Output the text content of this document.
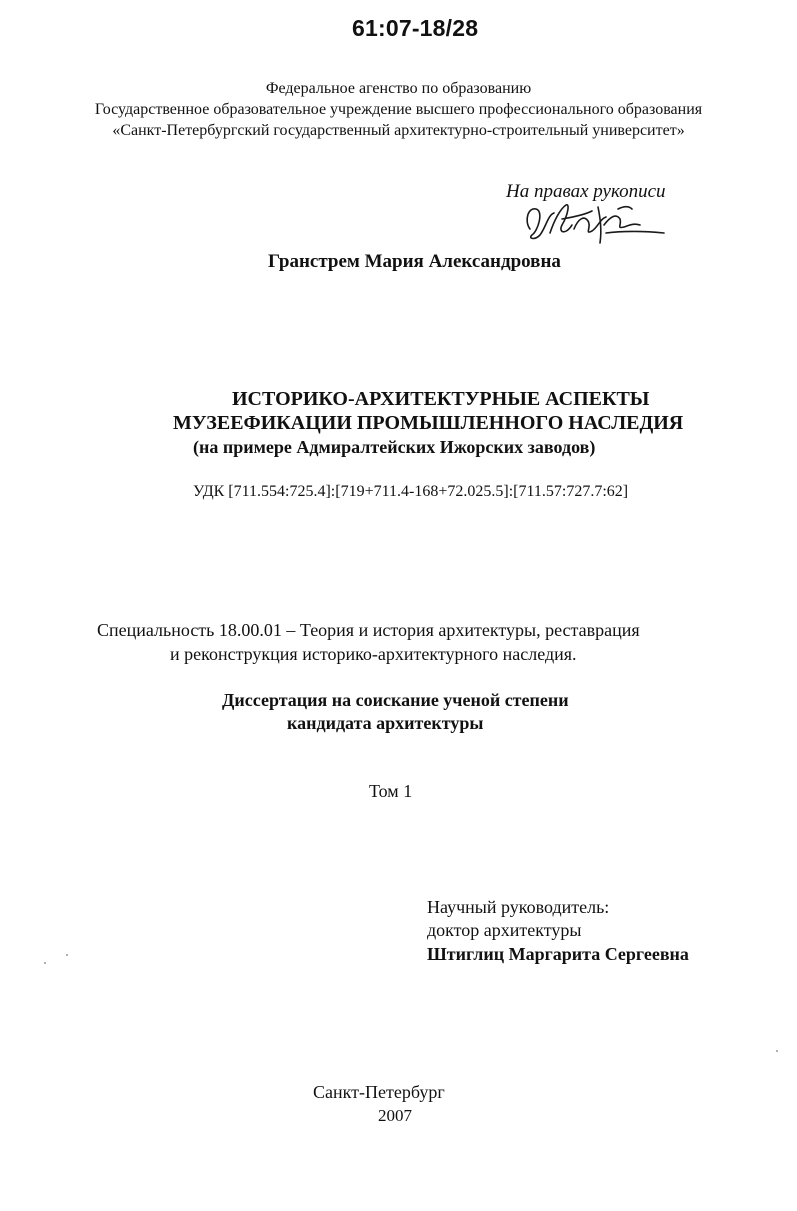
61:07-18/28
Федеральное агенство по образованию
Государственное образовательное учреждение высшего профессионального образования
«Санкт-Петербургский государственный архитектурно-строительный университет»
На правах рукописи
Гранстрем Мария Александровна
ИСТОРИКО-АРХИТЕКТУРНЫЕ АСПЕКТЫ
МУЗЕЕФИКАЦИИ ПРОМЫШЛЕННОГО НАСЛЕДИЯ
(на примере Адмиралтейских Ижорских заводов)
УДК [711.554:725.4]:[719+711.4-168+72.025.5]:[711.57:727.7:62]
Специальность 18.00.01 – Теория и история архитектуры, реставрация
и реконструкция историко-архитектурного наследия.
Диссертация на соискание ученой степени
кандидата архитектуры
Том 1
Научный руководитель:
доктор архитектуры
Штиглиц Маргарита Сергеевна
Санкт-Петербург
2007
